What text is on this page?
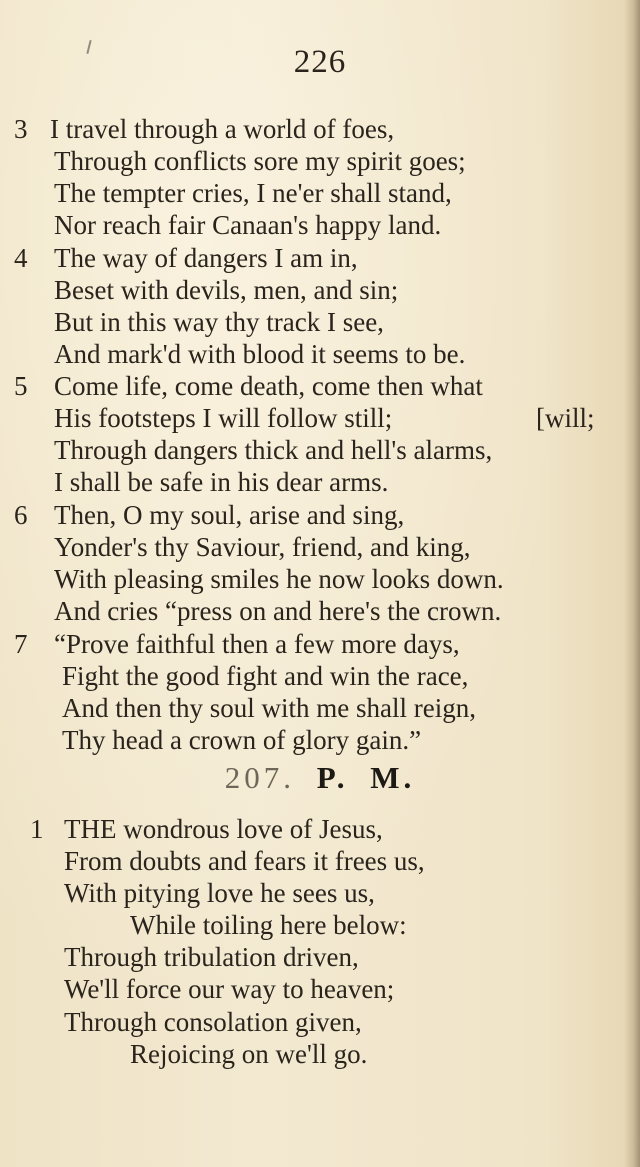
226
3 I travel through a world of foes,
Through conflicts sore my spirit goes;
The tempter cries, I ne'er shall stand,
Nor reach fair Canaan's happy land.
4 The way of dangers I am in,
Beset with devils, men, and sin;
But in this way thy track I see,
And mark'd with blood it seems to be.
5 Come life, come death, come then what
His footsteps I will follow still;	[will;
Through dangers thick and hell's alarms,
I shall be safe in his dear arms.
6 Then, O my soul, arise and sing,
Yonder's thy Saviour, friend, and king,
With pleasing smiles he now looks down.
And cries “press on and here's the crown.
7 “Prove faithful then a few more days,
Fight the good fight and win the race,
And then thy soul with me shall reign,
Thy head a crown of glory gain.”
207. P. M.
1 THE wondrous love of Jesus,
From doubts and fears it frees us,
With pitying love he sees us,
While toiling here below:
Through tribulation driven,
We'll force our way to heaven;
Through consolation given,
Rejoicing on we'll go.
